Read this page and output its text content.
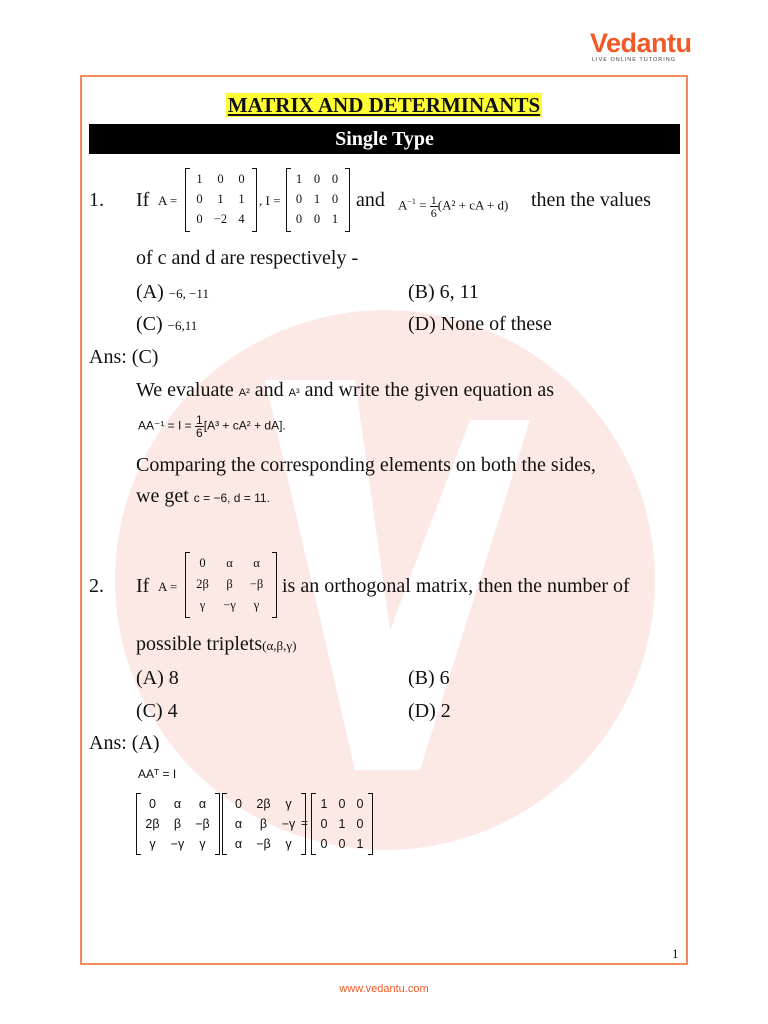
Vedantu
LIVE ONLINE TUTORING
MATRIX AND DETERMINANTS
Single Type
1. If A =
1	0	0
0	1	1
0	−2	4
, I =
1	0	0
0	1	0
0	0	1
and $A^{-1} = \frac{1}{6} (A^2$ + cA + d) then the values
of c and d are respectively -
(A) −6, −11	(B) 6, 11
(C) −6,11	(D) None of these
Ans: (C)
We evaluate A² and A³ and write the given equation as
$AA^{-1} = I = \frac{1}{6} [A^3 + cA^2 + dA]$.
Comparing the corresponding elements on both the sides,
we get c = −6, d = 11.
2. If A =
0	α	α
2β	β	−β
γ	−γ	γ
is an orthogonal matrix, then the number of
possible triplets(α,β,γ)
(A) 8	(B) 6
(C) 4	(D) 2
Ans: (A)
AAᵀ = I
0	α	α
2β	β	−β
γ	−γ	γ
0	2β	γ
α	β	−γ
α	−β	γ
=
1	0	0
0	1	0
0	0	1
1
www.vedantu.com
